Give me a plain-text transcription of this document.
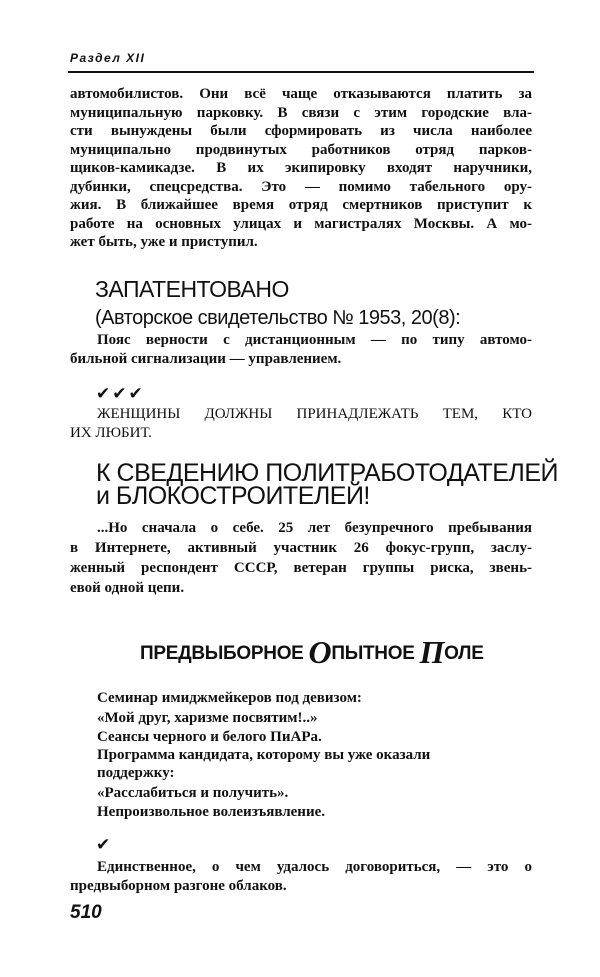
Раздел XII
автомобилистов. Они всё чаще отказываются платить за
муниципальную парковку. В связи с этим городские вла-
сти вынуждены были сформировать из числа наиболее
муниципально продвинутых работников отряд парков-
щиков-камикадзе. В их экипировку входят наручники,
дубинки, спецсредства. Это — помимо табельного ору-
жия. В ближайшее время отряд смертников приступит к
работе на основных улицах и магистралях Москвы. А мо-
жет быть, уже и приступил.
ЗАПАТЕНТОВАНО
(Авторское свидетельство № 1953, 20(8):
Пояс верности с дистанционным — по типу автомо-
бильной сигнализации — управлением.
✔✔✔
ЖЕНЩИНЫ ДОЛЖНЫ ПРИНАДЛЕЖАТЬ ТЕМ, КТО
ИХ ЛЮБИТ.
К СВЕДЕНИЮ ПОЛИТРАБОТОДАТЕЛЕЙ
и БЛОКОСТРОИТЕЛЕЙ!
...Но сначала о себе. 25 лет безупречного пребывания
в Интернете, активный участник 26 фокус-групп, заслу-
женный респондент СССР, ветеран группы риска, звень-
евой одной цепи.
ПРЕДВЫБОРНОЕ ОПЫТНОЕ ПОЛЕ
Семинар имиджмейкеров под девизом:
«Мой друг, харизме посвятим!..»
Сеансы черного и белого ПиАРа.
Программа кандидата, которому вы уже оказали
поддержку:
«Расслабиться и получить».
Непроизвольное волеизъявление.
✔
Единственное, о чем удалось договориться, — это о
предвыборном разгоне облаков.
510
